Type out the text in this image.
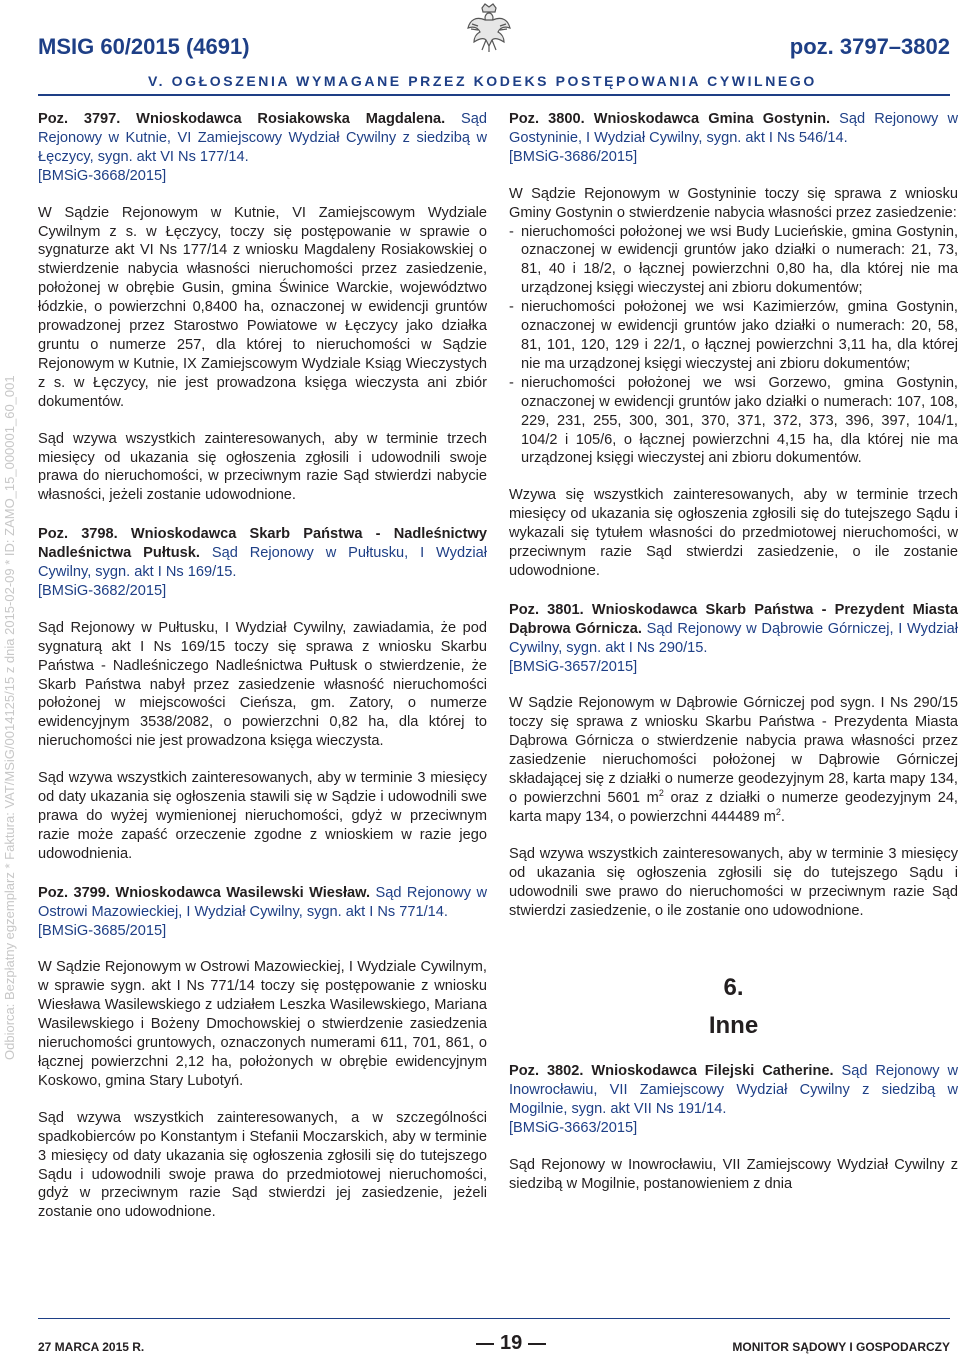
MSIG 60/2015 (4691)	poz. 3797–3802
V. OGŁOSZENIA WYMAGANE PRZEZ KODEKS POSTĘPOWANIA CYWILNEGO
Odbiorca: Bezpłatny egzemplarz * Faktura: VAT/MSiG/0014125/15 z dnia 2015-02-09 * ID: ZAMO_15_000001_60_001

Poz. 3797. Wnioskodawca Rosiakowska Magdalena. Sąd Rejonowy w Kutnie, VI Zamiejscowy Wydział Cywilny z siedzibą w Łęczycy, sygn. akt VI Ns 177/14.

[BMSiG-3668/2015]

W Sądzie Rejonowym w Kutnie, VI Zamiejscowym Wydziale Cywilnym z s. w Łęczycy, toczy się postępowanie w sprawie o sygnaturze akt VI Ns 177/14 z wniosku Magdaleny Rosiakowskiej o stwierdzenie nabycia własności nieruchomości przez zasiedzenie, położonej w obrębie Gusin, gmina Świnice Warckie, województwo łódzkie, o powierzchni 0,8400 ha, oznaczonej w ewidencji gruntów prowadzonej przez Starostwo Powiatowe w Łęczycy jako działka gruntu o numerze 257, dla której to nieruchomości w Sądzie Rejonowym w Kutnie, IX Zamiejscowym Wydziale Ksiąg Wieczystych z s. w Łęczycy, nie jest prowadzona księga wieczysta ani zbiór dokumentów.

Sąd wzywa wszystkich zainteresowanych, aby w terminie trzech miesięcy od ukazania się ogłoszenia zgłosili i udowodnili swoje prawa do nieruchomości, w przeciwnym razie Sąd stwierdzi nabycie własności, jeżeli zostanie udowodnione.

Poz. 3798. Wnioskodawca Skarb Państwa - Nadleśnictwy Nadleśnictwa Pułtusk. Sąd Rejonowy w Pułtusku, I Wydział Cywilny, sygn. akt I Ns 169/15.

[BMSiG-3682/2015]

Sąd Rejonowy w Pułtusku, I Wydział Cywilny, zawiadamia, że pod sygnaturą akt I Ns 169/15 toczy się sprawa z wniosku Skarbu Państwa - Nadleśniczego Nadleśnictwa Pułtusk o stwierdzenie, że Skarb Państwa nabył przez zasiedzenie własność nieruchomości położonej w miejscowości Cieńsza, gm. Zatory, o numerze ewidencyjnym 3538/2082, o powierzchni 0,82 ha, dla której to nieruchomości nie jest prowadzona księga wieczysta.

Sąd wzywa wszystkich zainteresowanych, aby w terminie 3 miesięcy od daty ukazania się ogłoszenia stawili się w Sądzie i udowodnili swe prawa do wyżej wymienionej nieruchomości, gdyż w przeciwnym razie może zapaść orzeczenie zgodne z wnioskiem w razie jego udowodnienia.

Poz. 3799. Wnioskodawca Wasilewski Wiesław. Sąd Rejonowy w Ostrowi Mazowieckiej, I Wydział Cywilny, sygn. akt I Ns 771/14.

[BMSiG-3685/2015]

W Sądzie Rejonowym w Ostrowi Mazowieckiej, I Wydziale Cywilnym, w sprawie sygn. akt I Ns 771/14 toczy się postępowanie z wniosku Wiesława Wasilewskiego z udziałem Leszka Wasilewskiego, Mariana Wasilewskiego i Bożeny Dmochowskiej o stwierdzenie zasiedzenia nieruchomości gruntowych, oznaczonych numerami 611, 701, 861, o łącznej powierzchni 2,12 ha, położonych w obrębie ewidencyjnym Koskowo, gmina Stary Lubotyń.

Sąd wzywa wszystkich zainteresowanych, a w szczególności spadkobierców po Konstantym i Stefanii Moczarskich, aby w terminie 3 miesięcy od daty ukazania się ogłoszenia zgłosili się do tutejszego Sądu i udowodnili swoje prawa do przedmiotowej nieruchomości, gdyż w przeciwnym razie Sąd stwierdzi jej zasiedzenie, jeżeli zostanie ono udowodnione.

Poz. 3800. Wnioskodawca Gmina Gostynin. Sąd Rejonowy w Gostyninie, I Wydział Cywilny, sygn. akt I Ns 546/14.

[BMSiG-3686/2015]

W Sądzie Rejonowym w Gostyninie toczy się sprawa z wniosku Gminy Gostynin o stwierdzenie nabycia własności przez zasiedzenie:

- nieruchomości położonej we wsi Budy Lucieńskie, gmina Gostynin, oznaczonej w ewidencji gruntów jako działki o numerach: 21, 73, 81, 40 i 18/2, o łącznej powierzchni 0,80 ha, dla której nie ma urządzonej księgi wieczystej ani zbioru dokumentów;
- nieruchomości położonej we wsi Kazimierzów, gmina Gostynin, oznaczonej w ewidencji gruntów jako działki o numerach: 20, 58, 81, 101, 120, 129 i 22/1, o łącznej powierzchni 3,11 ha, dla której nie ma urządzonej księgi wieczystej ani zbioru dokumentów;
- nieruchomości położonej we wsi Gorzewo, gmina Gostynin, oznaczonej w ewidencji gruntów jako działki o numerach: 107, 108, 229, 231, 255, 300, 301, 370, 371, 372, 373, 396, 397, 104/1, 104/2 i 105/6, o łącznej powierzchni 4,15 ha, dla której nie ma urządzonej księgi wieczystej ani zbioru dokumentów.

Wzywa się wszystkich zainteresowanych, aby w terminie trzech miesięcy od ukazania się ogłoszenia zgłosili się do tutejszego Sądu i wykazali się tytułem własności do przedmiotowej nieruchomości, w przeciwnym razie Sąd stwierdzi zasiedzenie, o ile zostanie udowodnione.

Poz. 3801. Wnioskodawca Skarb Państwa - Prezydent Miasta Dąbrowa Górnicza. Sąd Rejonowy w Dąbrowie Górniczej, I Wydział Cywilny, sygn. akt I Ns 290/15.

[BMSiG-3657/2015]

W Sądzie Rejonowym w Dąbrowie Górniczej pod sygn. I Ns 290/15 toczy się sprawa z wniosku Skarbu Państwa - Prezydenta Miasta Dąbrowa Górnicza o stwierdzenie nabycia prawa własności przez zasiedzenie nieruchomości położonej w Dąbrowie Górniczej składającej się z działki o numerze geodezyjnym 28, karta mapy 134, o powierzchni 5601 $m^2$ oraz z działki o numerze geodezyjnym 24, karta mapy 134, o powierzchni 444489 $m^2$.

Sąd wzywa wszystkich zainteresowanych, aby w terminie 3 miesięcy od ukazania się ogłoszenia zgłosili się do tutejszego Sądu i udowodnili swe prawo do nieruchomości w przeciwnym razie Sąd stwierdzi zasiedzenie, o ile zostanie ono udowodnione.

6.
Inne

Poz. 3802. Wnioskodawca Filejski Catherine. Sąd Rejonowy w Inowrocławiu, VII Zamiejscowy Wydział Cywilny z siedzibą w Mogilnie, sygn. akt VII Ns 191/14.

[BMSiG-3663/2015]

Sąd Rejonowy w Inowrocławiu, VII Zamiejscowy Wydział Cywilny z siedzibą w Mogilnie, postanowieniem z dnia

27 MARCA 2015 R.	19	MONITOR SĄDOWY I GOSPODARCZY
